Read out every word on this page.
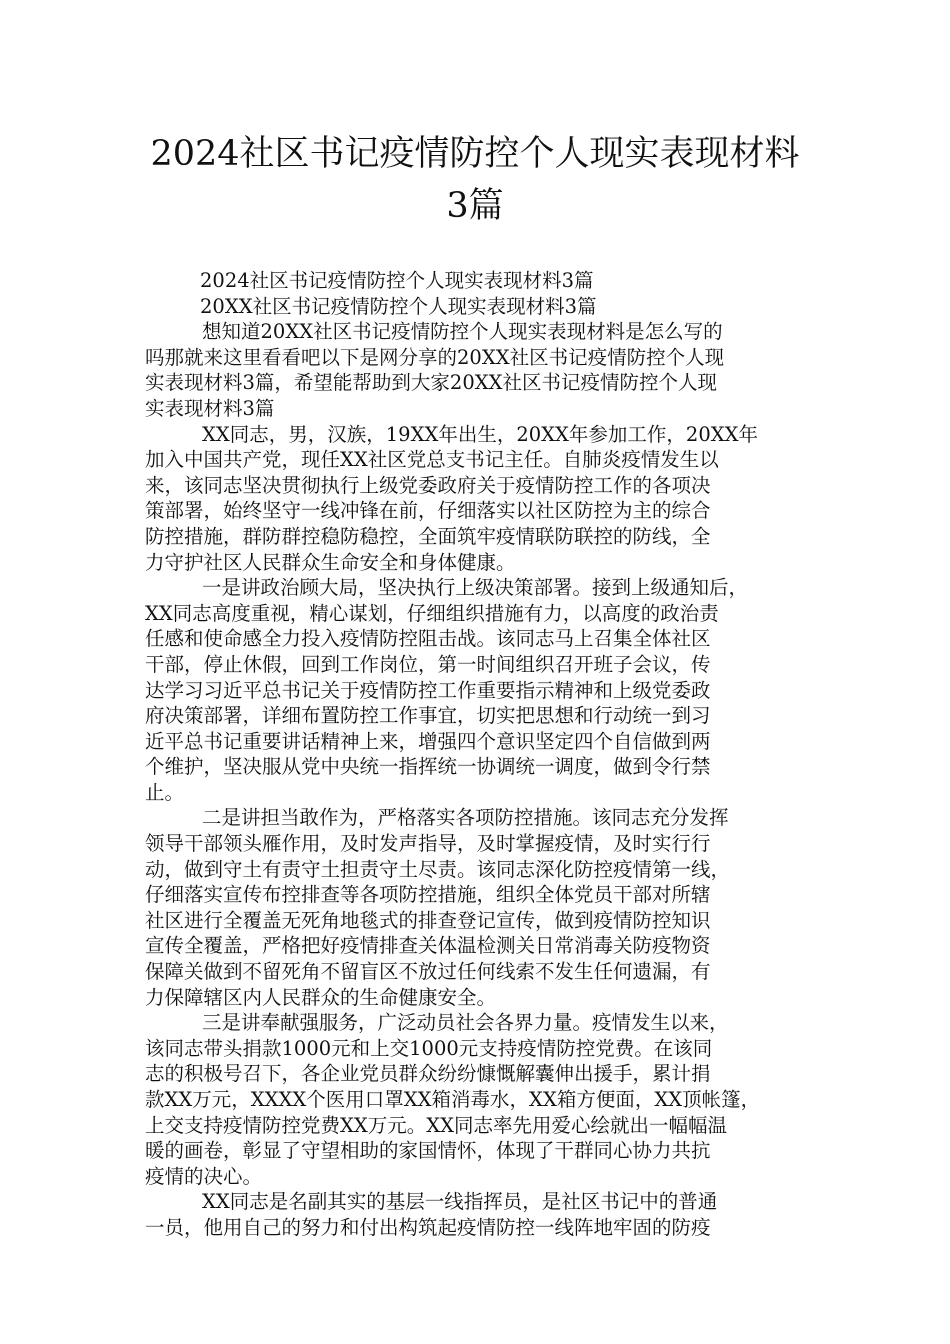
2024社区书记疫情防控个人现实表现材料
3篇
2024社区书记疫情防控个人现实表现材料3篇
20XX社区书记疫情防控个人现实表现材料3篇

想知道20XX社区书记疫情防控个人现实表现材料是怎么写的
吗那就来这里看看吧以下是网分享的20XX社区书记疫情防控个人现
实表现材料3篇，希望能帮助到大家20XX社区书记疫情防控个人现
实表现材料3篇

XX同志，男，汉族，19XX年出生，20XX年参加工作，20XX年
加入中国共产党，现任XX社区党总支书记主任。自肺炎疫情发生以
来，该同志坚决贯彻执行上级党委政府关于疫情防控工作的各项决
策部署，始终坚守一线冲锋在前，仔细落实以社区防控为主的综合
防控措施，群防群控稳防稳控，全面筑牢疫情联防联控的防线，全
力守护社区人民群众生命安全和身体健康。

一是讲政治顾大局，坚决执行上级决策部署。接到上级通知后，
XX同志高度重视，精心谋划，仔细组织措施有力，以高度的政治责
任感和使命感全力投入疫情防控阻击战。该同志马上召集全体社区
干部，停止休假，回到工作岗位，第一时间组织召开班子会议，传
达学习习近平总书记关于疫情防控工作重要指示精神和上级党委政
府决策部署，详细布置防控工作事宜，切实把思想和行动统一到习
近平总书记重要讲话精神上来，增强四个意识坚定四个自信做到两
个维护，坚决服从党中央统一指挥统一协调统一调度，做到令行禁
止。

二是讲担当敢作为，严格落实各项防控措施。该同志充分发挥
领导干部领头雁作用，及时发声指导，及时掌握疫情，及时实行行
动，做到守土有责守土担责守土尽责。该同志深化防控疫情第一线，
仔细落实宣传布控排查等各项防控措施，组织全体党员干部对所辖
社区进行全覆盖无死角地毯式的排查登记宣传，做到疫情防控知识
宣传全覆盖，严格把好疫情排查关体温检测关日常消毒关防疫物资
保障关做到不留死角不留盲区不放过任何线索不发生任何遗漏，有
力保障辖区内人民群众的生命健康安全。

三是讲奉献强服务，广泛动员社会各界力量。疫情发生以来，
该同志带头捐款1000元和上交1000元支持疫情防控党费。在该同
志的积极号召下，各企业党员群众纷纷慷慨解囊伸出援手，累计捐
款XX万元，XXXX个医用口罩XX箱消毒水，XX箱方便面，XX顶帐篷，
上交支持疫情防控党费XX万元。XX同志率先用爱心绘就出一幅幅温
暖的画卷，彰显了守望相助的家国情怀，体现了干群同心协力共抗
疫情的决心。

XX同志是名副其实的基层一线指挥员，是社区书记中的普通
一员，他用自己的努力和付出构筑起疫情防控一线阵地牢固的防疫
